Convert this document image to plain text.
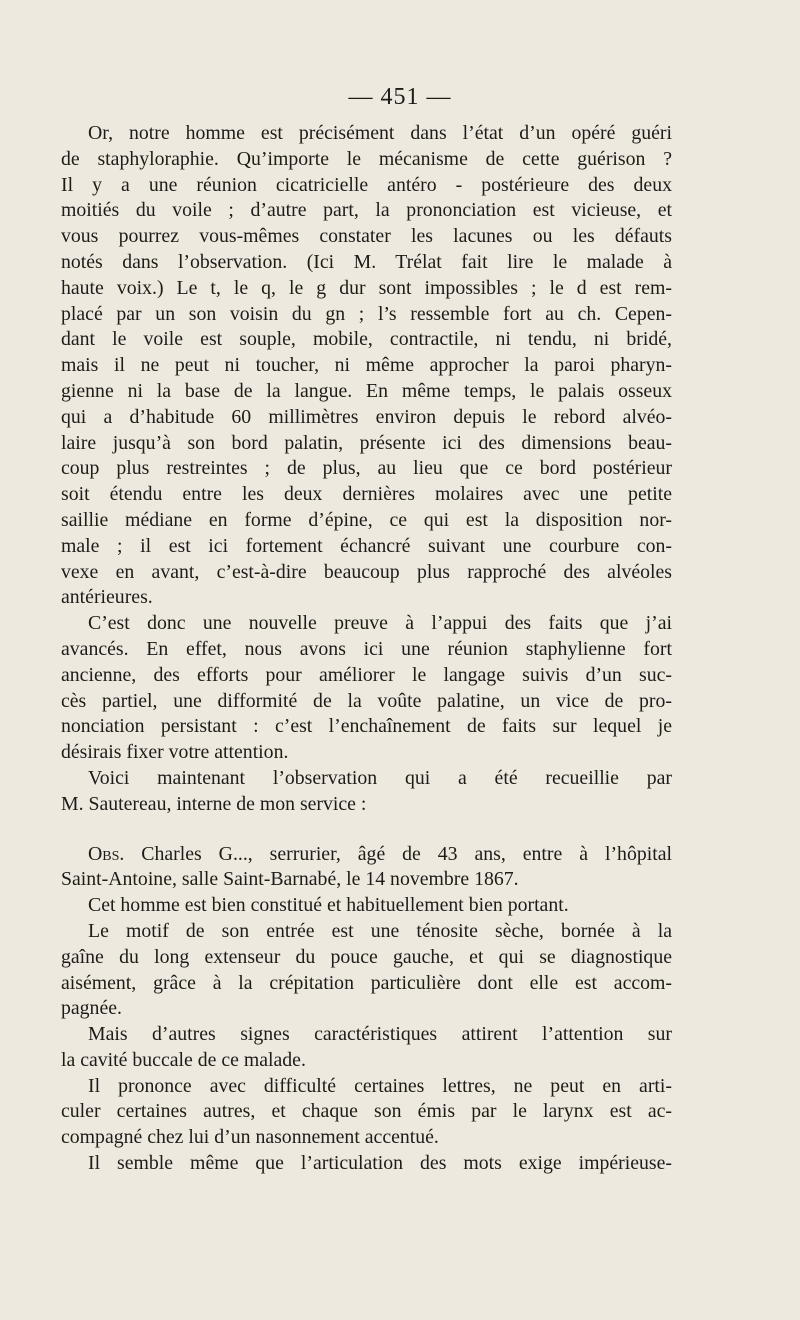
— 451 —
Or, notre homme est précisément dans l’état d’un opéré guéri
de staphyloraphie. Qu’importe le mécanisme de cette guérison ?
Il y a une réunion cicatricielle antéro - postérieure des deux
moitiés du voile ; d’autre part, la prononciation est vicieuse, et
vous pourrez vous-mêmes constater les lacunes ou les défauts
notés dans l’observation. (Ici M. Trélat fait lire le malade à
haute voix.) Le t, le q, le g dur sont impossibles ; le d est rem-
placé par un son voisin du gn ; l’s ressemble fort au ch. Cepen-
dant le voile est souple, mobile, contractile, ni tendu, ni bridé,
mais il ne peut ni toucher, ni même approcher la paroi pharyn-
gienne ni la base de la langue. En même temps, le palais osseux
qui a d’habitude 60 millimètres environ depuis le rebord alvéo-
laire jusqu’à son bord palatin, présente ici des dimensions beau-
coup plus restreintes ; de plus, au lieu que ce bord postérieur
soit étendu entre les deux dernières molaires avec une petite
saillie médiane en forme d’épine, ce qui est la disposition nor-
male ; il est ici fortement échancré suivant une courbure con-
vexe en avant, c’est-à-dire beaucoup plus rapproché des alvéoles
antérieures.
C’est donc une nouvelle preuve à l’appui des faits que j’ai
avancés. En effet, nous avons ici une réunion staphylienne fort
ancienne, des efforts pour améliorer le langage suivis d’un suc-
cès partiel, une difformité de la voûte palatine, un vice de pro-
nonciation persistant : c’est l’enchaînement de faits sur lequel je
désirais fixer votre attention.
Voici maintenant l’observation qui a été recueillie par
M. Sautereau, interne de mon service :
Obs. Charles G..., serrurier, âgé de 43 ans, entre à l’hôpital
Saint-Antoine, salle Saint-Barnabé, le 14 novembre 1867.
Cet homme est bien constitué et habituellement bien portant.
Le motif de son entrée est une ténosite sèche, bornée à la
gaîne du long extenseur du pouce gauche, et qui se diagnostique
aisément, grâce à la crépitation particulière dont elle est accom-
pagnée.
Mais d’autres signes caractéristiques attirent l’attention sur
la cavité buccale de ce malade.
Il prononce avec difficulté certaines lettres, ne peut en arti-
culer certaines autres, et chaque son émis par le larynx est ac-
compagné chez lui d’un nasonnement accentué.
Il semble même que l’articulation des mots exige impérieuse-
